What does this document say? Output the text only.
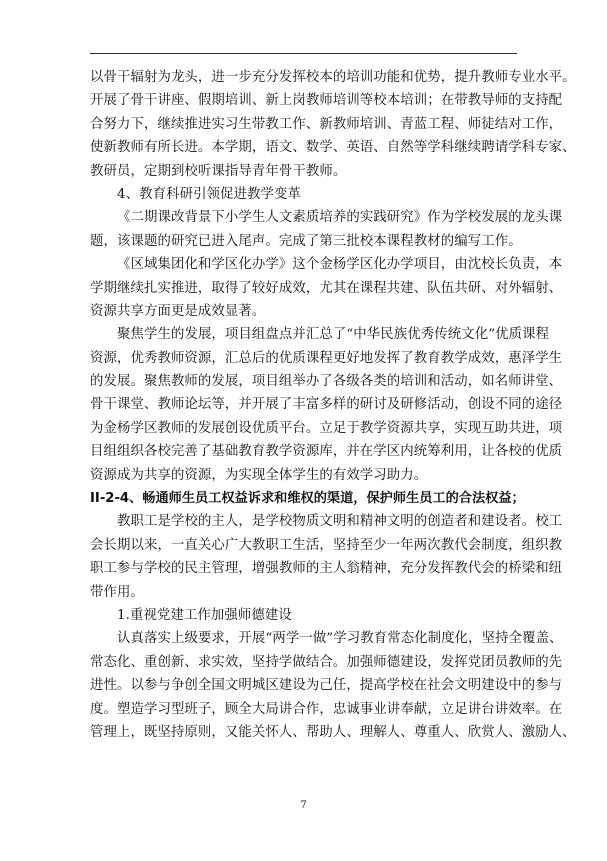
以骨干辐射为龙头，进一步充分发挥校本的培训功能和优势，提升教师专业水平。
开展了骨干讲座、假期培训、新上岗教师培训等校本培训；在带教导师的支持配
合努力下，继续推进实习生带教工作、新教师培训、青蓝工程、师徒结对工作，
使新教师有所长进。本学期，语文、数学、英语、自然等学科继续聘请学科专家、
教研员，定期到校听课指导青年骨干教师。
4、教育科研引领促进教学变革
《二期课改背景下小学生人文素质培养的实践研究》作为学校发展的龙头课
题，该课题的研究已进入尾声。完成了第三批校本课程教材的编写工作。
《区域集团化和学区化办学》这个金杨学区化办学项目，由沈校长负责，本
学期继续扎实推进，取得了较好成效，尤其在课程共建、队伍共研、对外辐射、
资源共享方面更是成效显著。
聚焦学生的发展，项目组盘点并汇总了“中华民族优秀传统文化”优质课程
资源，优秀教师资源，汇总后的优质课程更好地发挥了教育教学成效，惠泽学生
的发展。聚焦教师的发展，项目组举办了各级各类的培训和活动，如名师讲堂、
骨干课堂、教师论坛等，并开展了丰富多样的研讨及研修活动，创设不同的途径
为金杨学区教师的发展创设优质平台。立足于教学资源共享，实现互助共进，项
目组组织各校完善了基础教育教学资源库，并在学区内统筹利用，让各校的优质
资源成为共享的资源，为实现全体学生的有效学习助力。
II-2-4、畅通师生员工权益诉求和维权的渠道，保护师生员工的合法权益；
教职工是学校的主人，是学校物质文明和精神文明的创造者和建设者。校工
会长期以来，一直关心广大教职工生活，坚持至少一年两次教代会制度，组织教
职工参与学校的民主管理，增强教师的主人翁精神，充分发挥教代会的桥梁和纽
带作用。
1.重视党建工作加强师德建设
认真落实上级要求，开展“两学一做”学习教育常态化制度化，坚持全覆盖、
常态化、重创新、求实效，坚持学做结合。加强师德建设，发挥党团员教师的先
进性。以参与争创全国文明城区建设为己任，提高学校在社会文明建设中的参与
度。塑造学习型班子，顾全大局讲合作，忠诚事业讲奉献，立足讲台讲效率。在
管理上，既坚持原则，又能关怀人、帮助人、理解人、尊重人、欣赏人、激励人、
7
